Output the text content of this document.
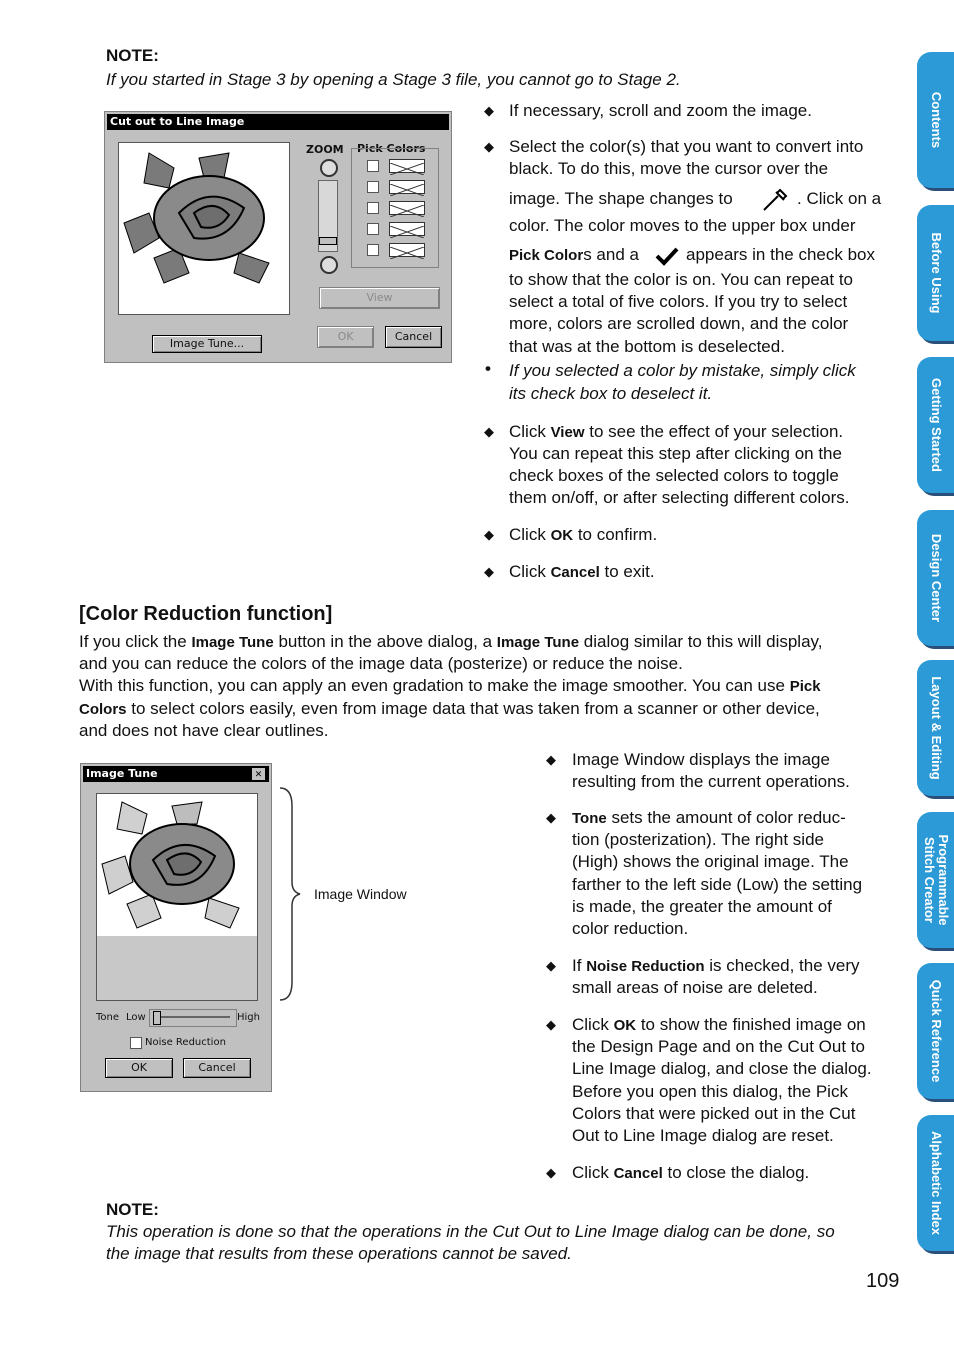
NOTE:
If you started in Stage 3 by opening a Stage 3 file, you cannot go to Stage 2.
Cut out to Line Image
ZOOM Pick Colors
View
Image Tune...
OK	Cancel
◆ If necessary, scroll and zoom the image.
◆ Select the color(s) that you want to convert into
black. To do this, move the cursor over the
image. The shape changes to	. Click on a
color. The color moves to the upper box under
Pick Colors and a	appears in the check box
to show that the color is on. You can repeat to
select a total of five colors. If you try to select
more, colors are scrolled down, and the color
that was at the bottom is deselected.
• If you selected a color by mistake, simply click
its check box to deselect it.
◆ Click View to see the effect of your selection.
You can repeat this step after clicking on the
check boxes of the selected colors to toggle
them on/off, or after selecting different colors.
◆ Click OK to confirm.
◆ Click Cancel to exit.
[Color Reduction function]
If you click the Image Tune button in the above dialog, a Image Tune dialog similar to this will display,
and you can reduce the colors of the image data (posterize) or reduce the noise.
With this function, you can apply an even gradation to make the image smoother. You can use Pick
Colors to select colors easily, even from image data that was taken from a scanner or other device,
and does not have clear outlines.
Image Tune	✕
Tone Low	High
Noise Reduction
OK	Cancel
Image Window
◆ Image Window displays the image
resulting from the current operations.
◆ Tone sets the amount of color reduc-
tion (posterization). The right side
(High) shows the original image. The
farther to the left side (Low) the setting
is made, the greater the amount of
color reduction.
◆ If Noise Reduction is checked, the very
small areas of noise are deleted.
◆ Click OK to show the finished image on
the Design Page and on the Cut Out to
Line Image dialog, and close the dialog.
Before you open this dialog, the Pick
Colors that were picked out in the Cut
Out to Line Image dialog are reset.
◆ Click Cancel to close the dialog.
NOTE:
This operation is done so that the operations in the Cut Out to Line Image dialog can be done, so
the image that results from these operations cannot be saved.
109
Contents
Before Using
Getting Started
Design Center
Layout & Editing
Programmable Stitch Creator
Quick Reference
Alphabetic Index
